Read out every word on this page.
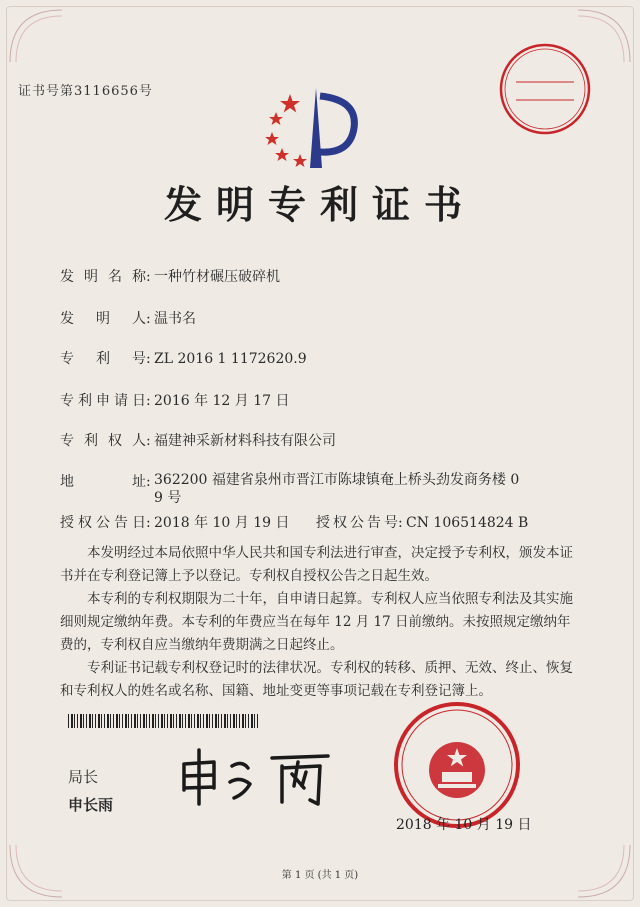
证书号第3116656号
发明专利证书
发明名称: 一种竹材碾压破碎机
发明人: 温书名
专利号: ZL 2016 1 1172620.9
专利申请日: 2016 年 12 月 17 日
专利权人: 福建神采新材料科技有限公司
地址: 362200 福建省泉州市晋江市陈埭镇奄上桥头劲发商务楼 0
9 号
授权公告日: 2018 年 10 月 19 日 授权公告号: CN 106514824 B

本发明经过本局依照中华人民共和国专利法进行审查，决定授予专利权，颁发本证书并在专利登记簿上予以登记。专利权自授权公告之日起生效。

本专利的专利权期限为二十年，自申请日起算。专利权人应当依照专利法及其实施细则规定缴纳年费。本专利的年费应当在每年 12 月 17 日前缴纳。未按照规定缴纳年费的，专利权自应当缴纳年费期满之日起终止。

专利证书记载专利权登记时的法律状况。专利权的转移、质押、无效、终止、恢复和专利权人的姓名或名称、国籍、地址变更等事项记载在专利登记簿上。

局长
申长雨
2018 年 10 月 19 日
第 1 页 (共 1 页)
